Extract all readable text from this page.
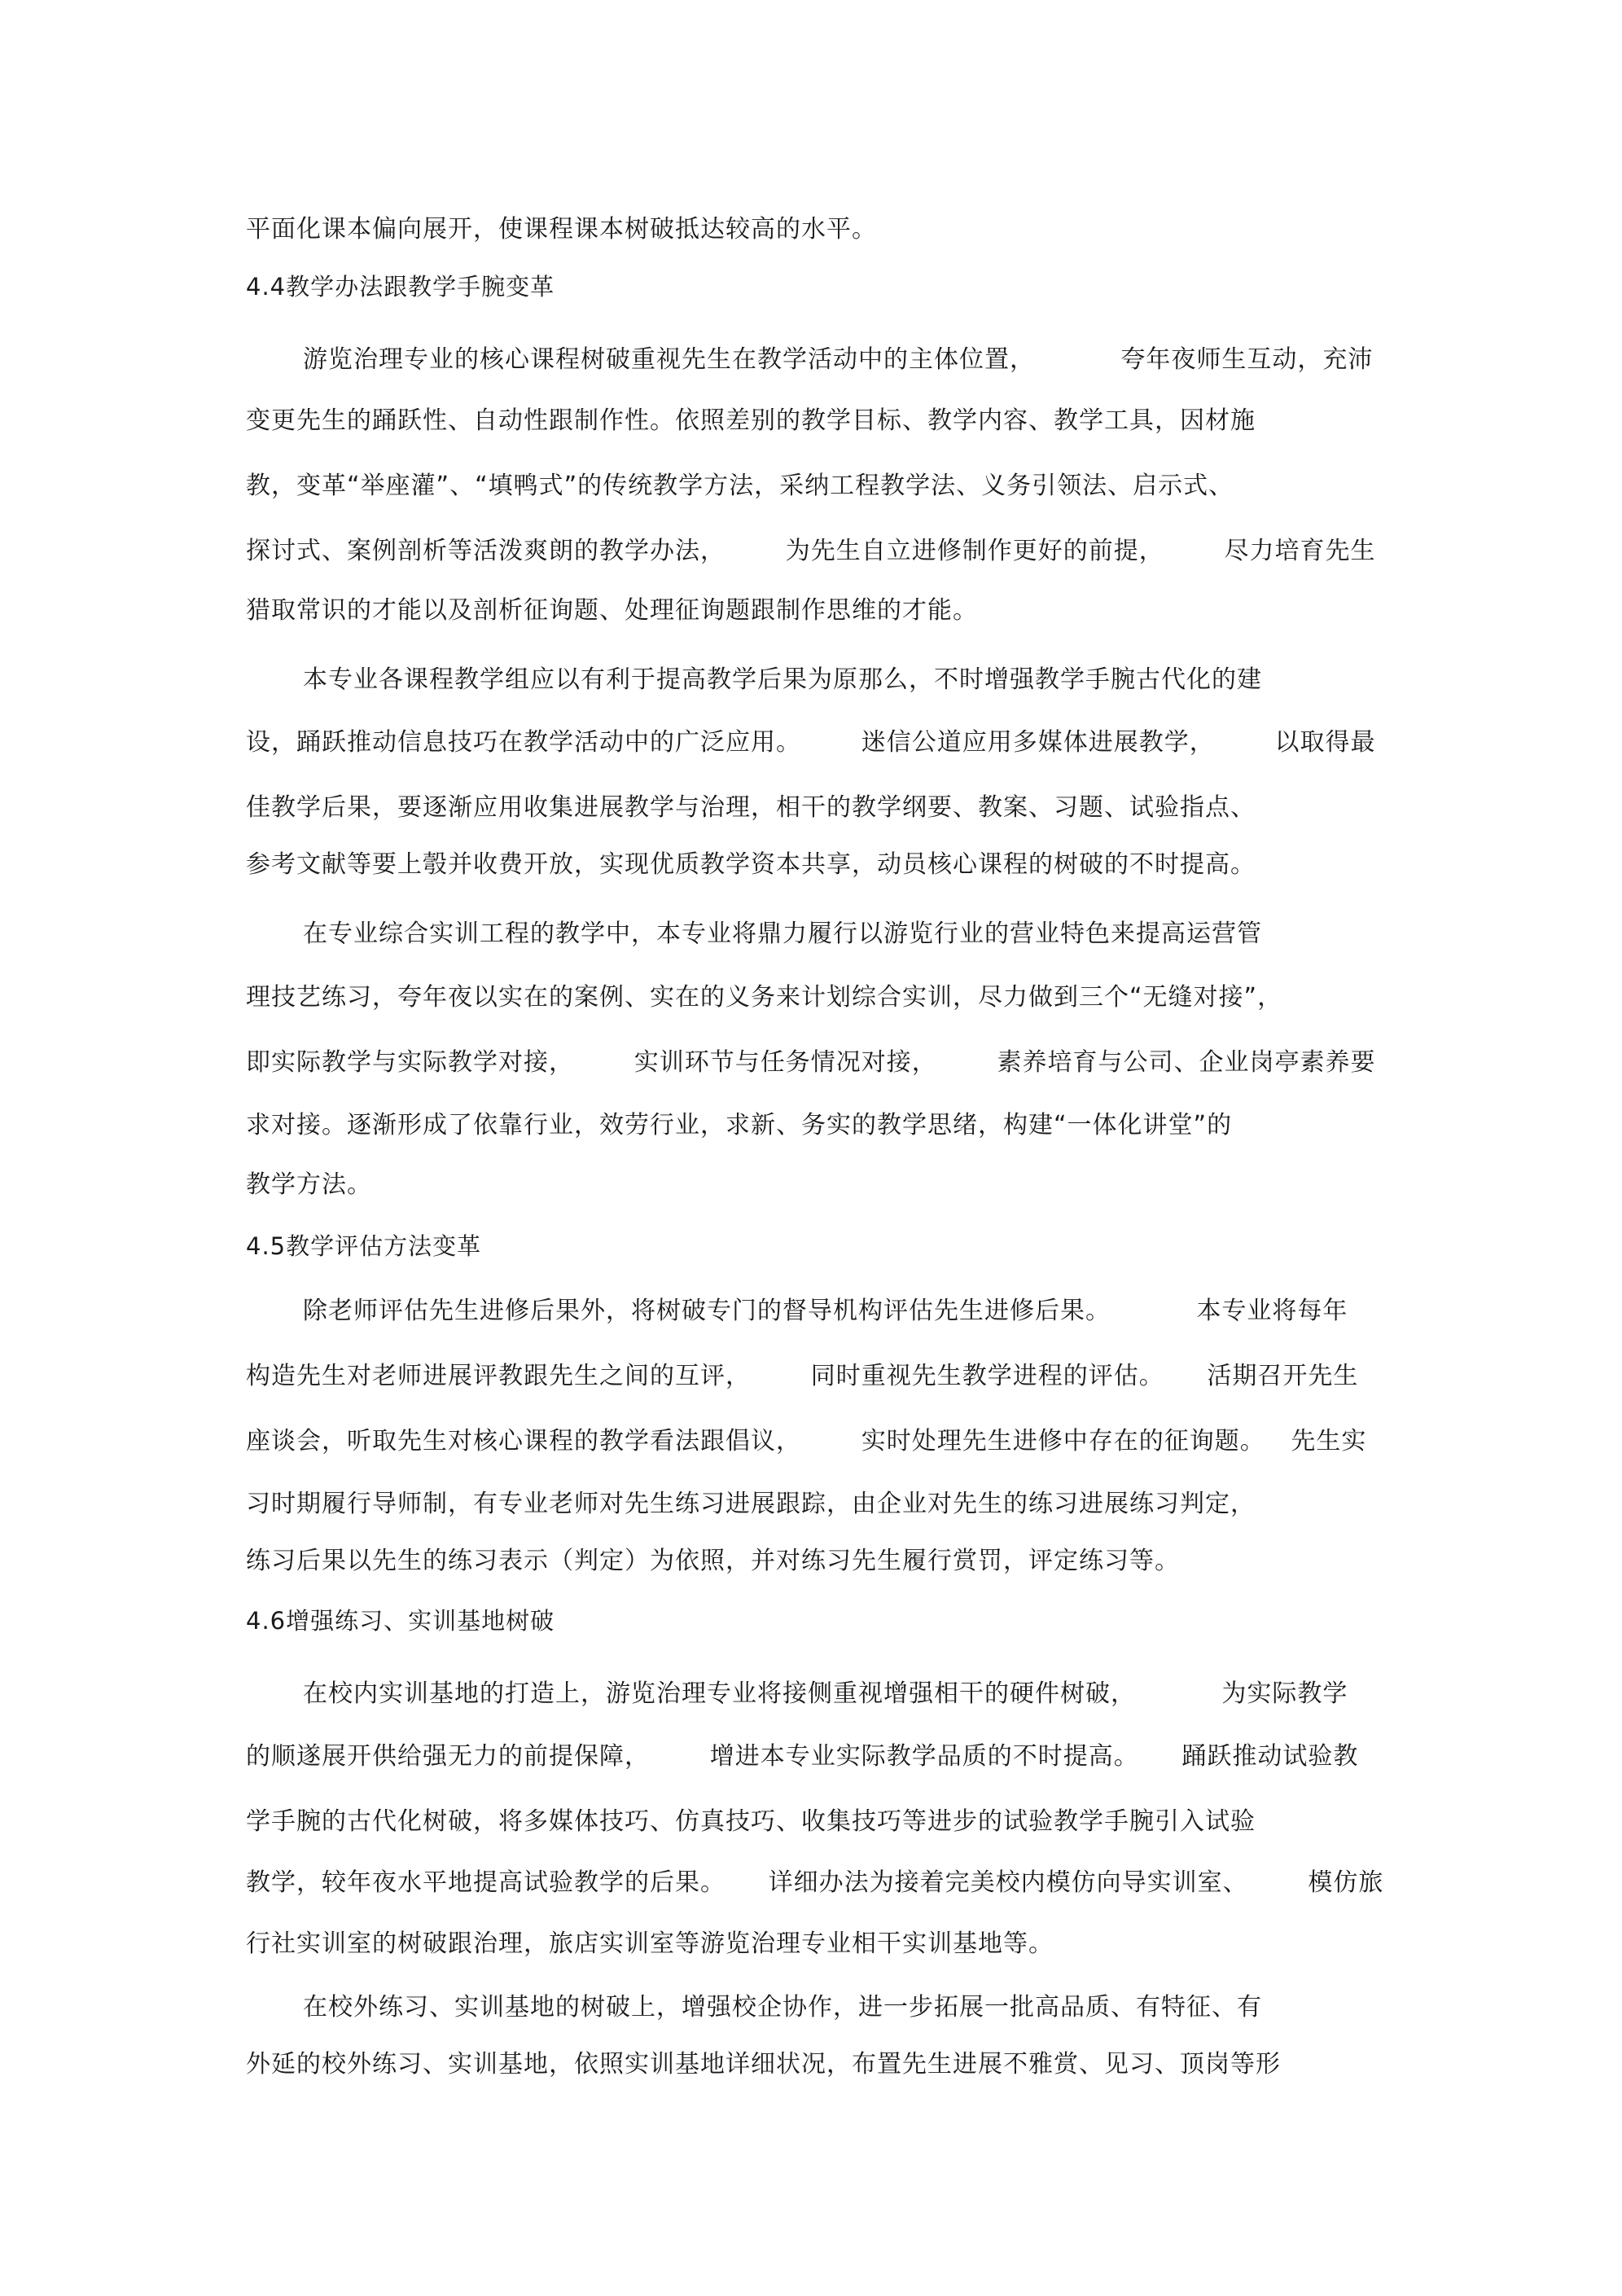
平面化课本偏向展开，使课程课本树破抵达较高的水平。
4.4教学办法跟教学手腕变革
游览治理专业的核心课程树破重视先生在教学活动中的主体位置，          夸年夜师生互动，充沛
变更先生的踊跃性、自动性跟制作性。依照差别的教学目标、教学内容、教学工具，因材施
教，变革“举座灌”、“填鸭式”的传统教学方法，采纳工程教学法、义务引领法、启示式、
探讨式、案例剖析等活泼爽朗的教学办法，       为先生自立进修制作更好的前提，       尽力培育先生
猎取常识的才能以及剖析征询题、处理征询题跟制作思维的才能。
本专业各课程教学组应以有利于提高教学后果为原那么，不时增强教学手腕古代化的建
设，踊跃推动信息技巧在教学活动中的广泛应用。       迷信公道应用多媒体进展教学，       以取得最
佳教学后果，要逐渐应用收集进展教学与治理，相干的教学纲要、教案、习题、试验指点、
参考文献等要上彀并收费开放，实现优质教学资本共享，动员核心课程的树破的不时提高。
在专业综合实训工程的教学中，本专业将鼎力履行以游览行业的营业特色来提高运营管
理技艺练习，夸年夜以实在的案例、实在的义务来计划综合实训，尽力做到三个“无缝对接”，
即实际教学与实际教学对接，       实训环节与任务情况对接，       素养培育与公司、企业岗亭素养要
求对接。逐渐形成了依靠行业，效劳行业，求新、务实的教学思绪，构建“一体化讲堂”的
教学方法。
4.5教学评估方法变革
除老师评估先生进修后果外，将树破专门的督导机构评估先生进修后果。          本专业将每年
构造先生对老师进展评教跟先生之间的互评，       同时重视先生教学进程的评估。     活期召开先生
座谈会，听取先生对核心课程的教学看法跟倡议，       实时处理先生进修中存在的征询题。   先生实
习时期履行导师制，有专业老师对先生练习进展跟踪，由企业对先生的练习进展练习判定，
练习后果以先生的练习表示（判定）为依照，并对练习先生履行赏罚，评定练习等。
4.6增强练习、实训基地树破
在校内实训基地的打造上，游览治理专业将接侧重视增强相干的硬件树破，          为实际教学
的顺遂展开供给强无力的前提保障，       增进本专业实际教学品质的不时提高。     踊跃推动试验教
学手腕的古代化树破，将多媒体技巧、仿真技巧、收集技巧等进步的试验教学手腕引入试验
教学，较年夜水平地提高试验教学的后果。     详细办法为接着完美校内模仿向导实训室、       模仿旅
行社实训室的树破跟治理，旅店实训室等游览治理专业相干实训基地等。
在校外练习、实训基地的树破上，增强校企协作，进一步拓展一批高品质、有特征、有
外延的校外练习、实训基地，依照实训基地详细状况，布置先生进展不雅赏、见习、顶岗等形
